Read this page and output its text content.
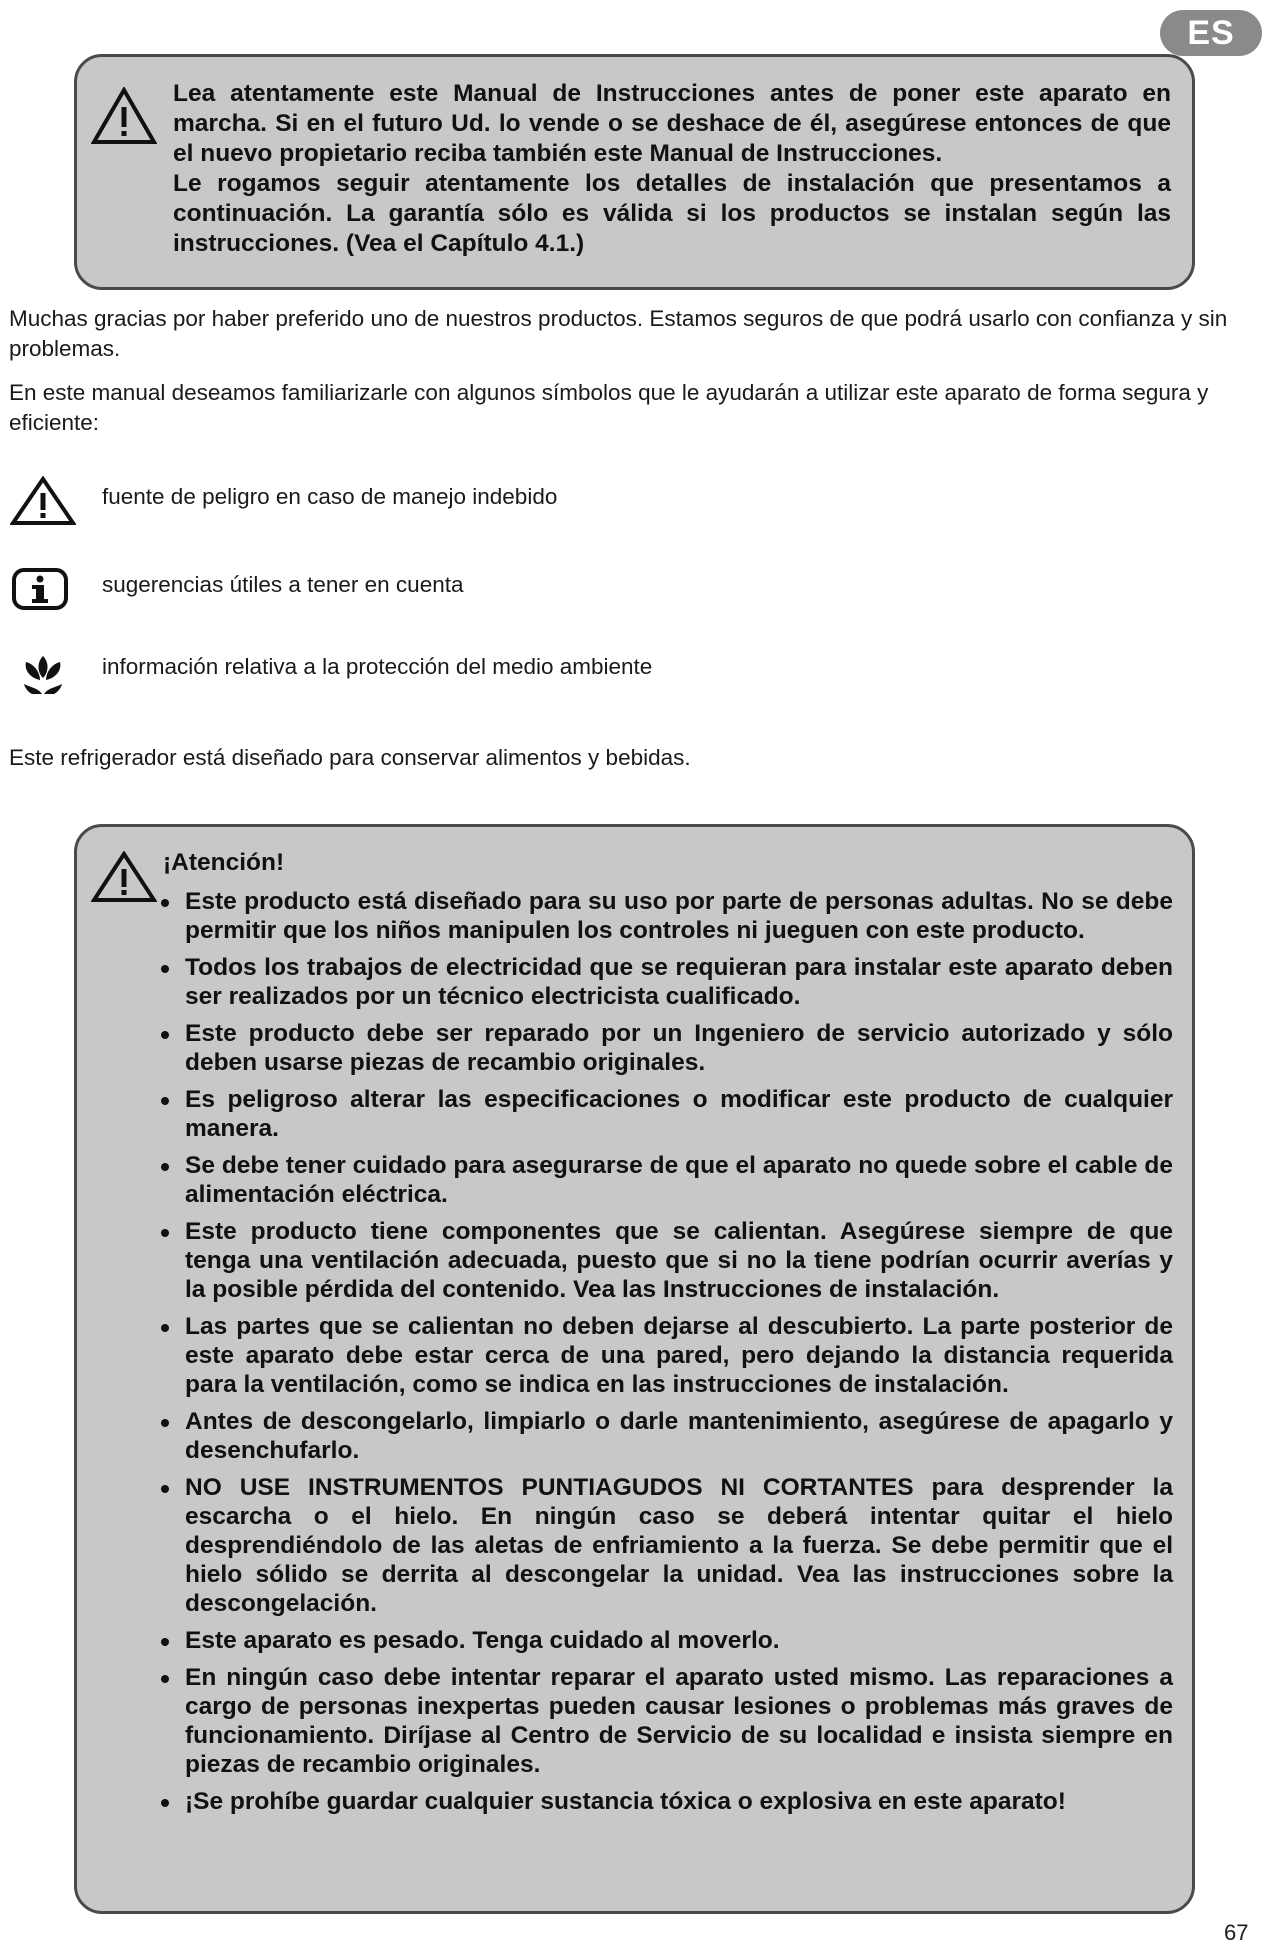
ES

Lea atentamente este Manual de Instrucciones antes de poner este aparato en marcha. Si en el futuro Ud. lo vende o se deshace de él, asegúrese entonces de que el nuevo propietario reciba también este Manual de Instrucciones.

Le rogamos seguir atentamente los detalles de instalación que presentamos a continuación. La garantía sólo es válida si los productos se instalan según las instrucciones. (Vea el Capítulo 4.1.)

Muchas gracias por haber preferido uno de nuestros productos. Estamos seguros de que podrá usarlo con confianza y sin problemas.

En este manual deseamos familiarizarle con algunos símbolos que le ayudarán a utilizar este aparato de forma segura y eficiente:

fuente de peligro en caso de manejo indebido
sugerencias útiles a tener en cuenta
información relativa a la protección del medio ambiente

Este refrigerador está diseñado para conservar alimentos y bebidas.

¡Atención!
Este producto está diseñado para su uso por parte de personas adultas. No se debe permitir que los niños manipulen los controles ni jueguen con este producto.
Todos los trabajos de electricidad que se requieran para instalar este aparato deben ser realizados por un técnico electricista cualificado.
Este producto debe ser reparado por un Ingeniero de servicio autorizado y sólo deben usarse piezas de recambio originales.
Es peligroso alterar las especificaciones o modificar este producto de cualquier manera.
Se debe tener cuidado para asegurarse de que el aparato no quede sobre el cable de alimentación eléctrica.
Este producto tiene componentes que se calientan. Asegúrese siempre de que tenga una ventilación adecuada, puesto que si no la tiene podrían ocurrir averías y la posible pérdida del contenido. Vea las Instrucciones de instalación.
Las partes que se calientan no deben dejarse al descubierto. La parte posterior de este aparato debe estar cerca de una pared, pero dejando la distancia requerida para la ventilación, como se indica en las instrucciones de instalación.
Antes de descongelarlo, limpiarlo o darle mantenimiento, asegúrese de apagarlo y desenchufarlo.
NO USE INSTRUMENTOS PUNTIAGUDOS NI CORTANTES para desprender la escarcha o el hielo. En ningún caso se deberá intentar quitar el hielo desprendiéndolo de las aletas de enfriamiento a la fuerza. Se debe permitir que el hielo sólido se derrita al descongelar la unidad. Vea las instrucciones sobre la descongelación.
Este aparato es pesado. Tenga cuidado al moverlo.
En ningún caso debe intentar reparar el aparato usted mismo. Las reparaciones a cargo de personas inexpertas pueden causar lesiones o problemas más graves de funcionamiento. Diríjase al Centro de Servicio de su localidad e insista siempre en piezas de recambio originales.
¡Se prohíbe guardar cualquier sustancia tóxica o explosiva en este aparato!
67
